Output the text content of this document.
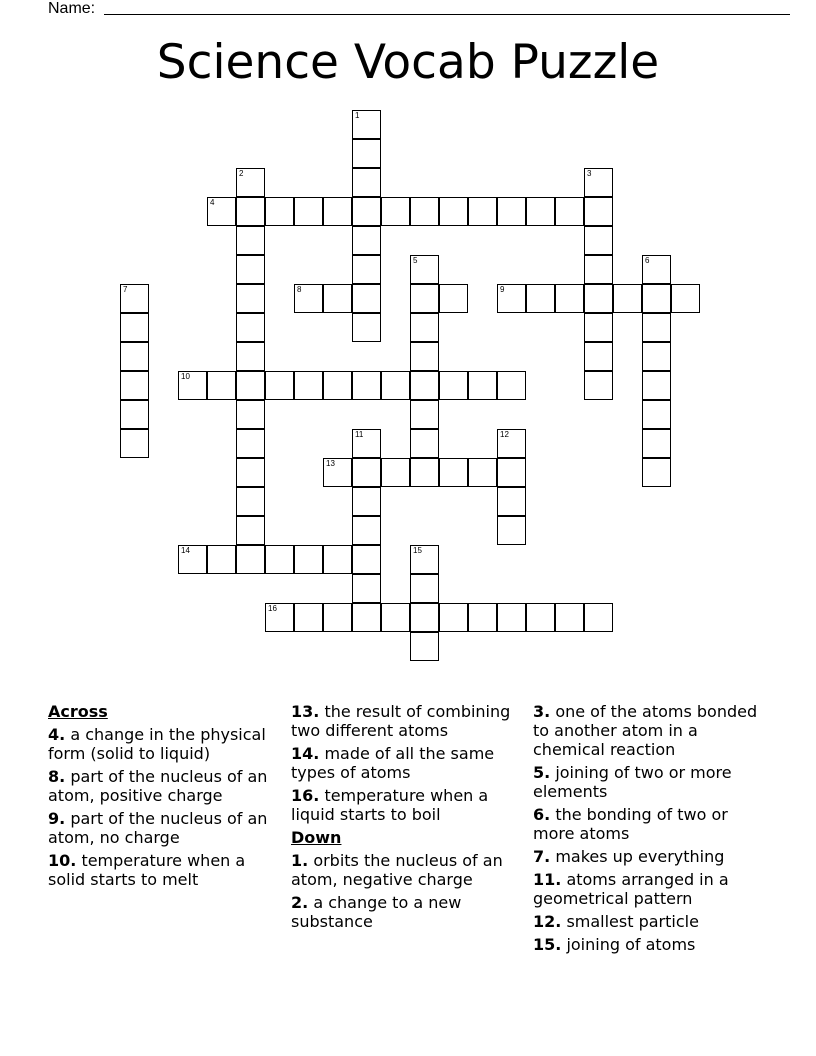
Name:
Science Vocab Puzzle
1
2	3
4
5	6
7	8	9
10
11	12
13
14	15
16
Across
4. a change in the physical form (solid to liquid)
8. part of the nucleus of an atom, positive charge
9. part of the nucleus of an atom, no charge
10. temperature when a solid starts to melt
13. the result of combining two different atoms
14. made of all the same types of atoms
16. temperature when a liquid starts to boil
Down
1. orbits the nucleus of an atom, negative charge
2. a change to a new substance
3. one of the atoms bonded to another atom in a chemical reaction
5. joining of two or more elements
6. the bonding of two or more atoms
7. makes up everything
11. atoms arranged in a geometrical pattern
12. smallest particle
15. joining of atoms
